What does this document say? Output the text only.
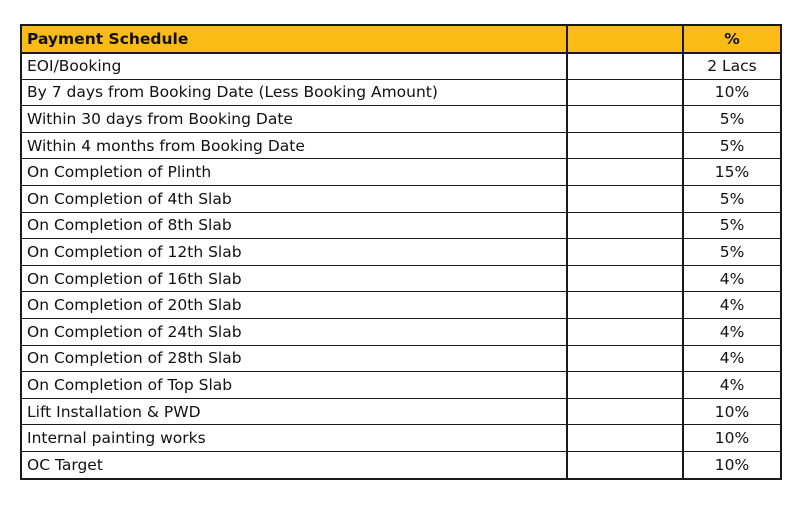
Payment Schedule		%
EOI/Booking		2 Lacs
By 7 days from Booking Date (Less Booking Amount)		10%
Within 30 days from Booking Date		5%
Within 4 months from Booking Date		5%
On Completion of Plinth		15%
On Completion of 4th Slab		5%
On Completion of 8th Slab		5%
On Completion of 12th Slab		5%
On Completion of 16th Slab		4%
On Completion of 20th Slab		4%
On Completion of 24th Slab		4%
On Completion of 28th Slab		4%
On Completion of Top Slab		4%
Lift Installation & PWD		10%
Internal painting works		10%
OC Target		10%
